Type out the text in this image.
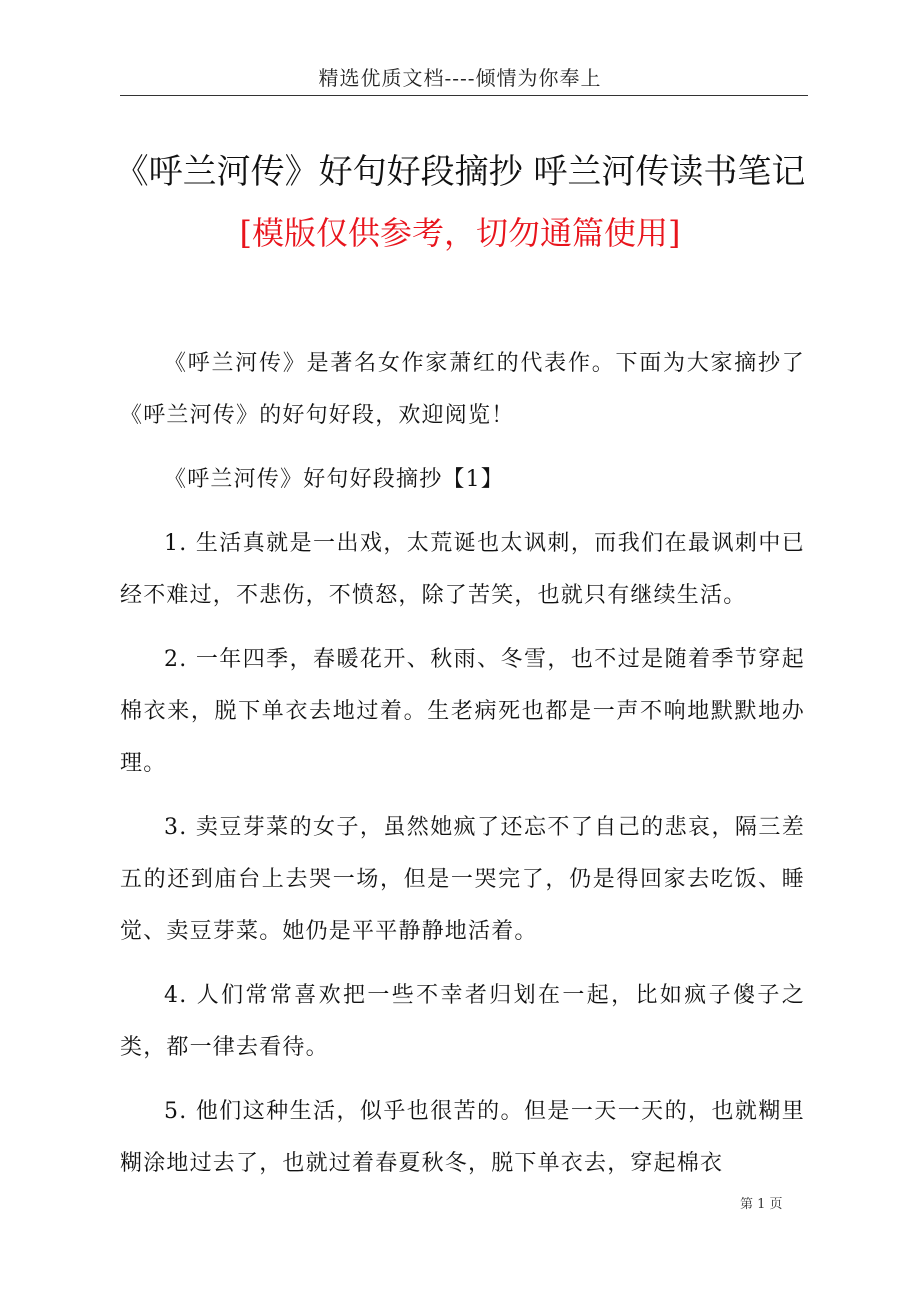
精选优质文档----倾情为你奉上
《呼兰河传》好句好段摘抄 呼兰河传读书笔记
[模版仅供参考，切勿通篇使用]

《呼兰河传》是著名女作家萧红的代表作。下面为大家摘抄了《呼兰河传》的好句好段，欢迎阅览！

《呼兰河传》好句好段摘抄【1】

1. 生活真就是一出戏，太荒诞也太讽刺，而我们在最讽刺中已经不难过，不悲伤，不愤怒，除了苦笑，也就只有继续生活。

2. 一年四季，春暖花开、秋雨、冬雪，也不过是随着季节穿起棉衣来，脱下单衣去地过着。生老病死也都是一声不响地默默地办理。

3. 卖豆芽菜的女子，虽然她疯了还忘不了自己的悲哀，隔三差五的还到庙台上去哭一场，但是一哭完了，仍是得回家去吃饭、睡觉、卖豆芽菜。她仍是平平静静地活着。

4. 人们常常喜欢把一些不幸者归划在一起，比如疯子傻子之类，都一律去看待。

5. 他们这种生活，似乎也很苦的。但是一天一天的，也就糊里糊涂地过去了，也就过着春夏秋冬，脱下单衣去，穿起棉衣

第 1 页
